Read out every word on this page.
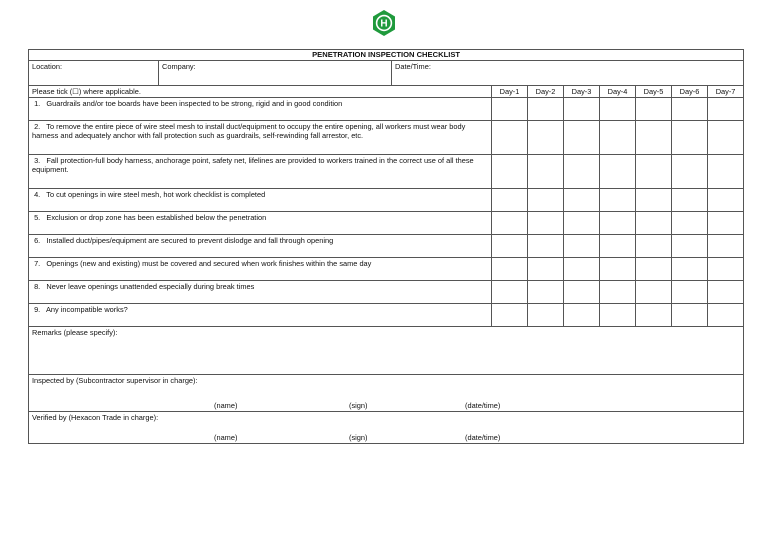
H
PENETRATION INSPECTION CHECKLIST									
Location:	Company:	Date/Time:							
Please tick (☐) where applicable.			Day-1	Day-2	Day-3	Day-4	Day-5	Day-6	Day-7
1. Guardrails and/or toe boards have been inspected to be strong, rigid and in good condition									
2. To remove the entire piece of wire steel mesh to install duct/equipment to occupy the entire opening, all workers must wear body harness and adequately anchor with fall protection such as guardrails, self-rewinding fall arrestor, etc.									
3. Fall protection-full body harness, anchorage point, safety net, lifelines are provided to workers trained in the correct use of all these equipment.									
4. To cut openings in wire steel mesh, hot work checklist is completed									
5. Exclusion or drop zone has been established below the penetration									
6. Installed duct/pipes/equipment are secured to prevent dislodge and fall through opening									
7. Openings (new and existing) must be covered and secured when work finishes within the same day									
8. Never leave openings unattended especially during break times									
9. Any incompatible works?									
Remarks (please specify):									

Inspected by (Subcontractor supervisor in charge):
(name) (sign) (date/time)									

Verified by (Hexacon Trade in charge):
(name) (sign) (date/time)									
